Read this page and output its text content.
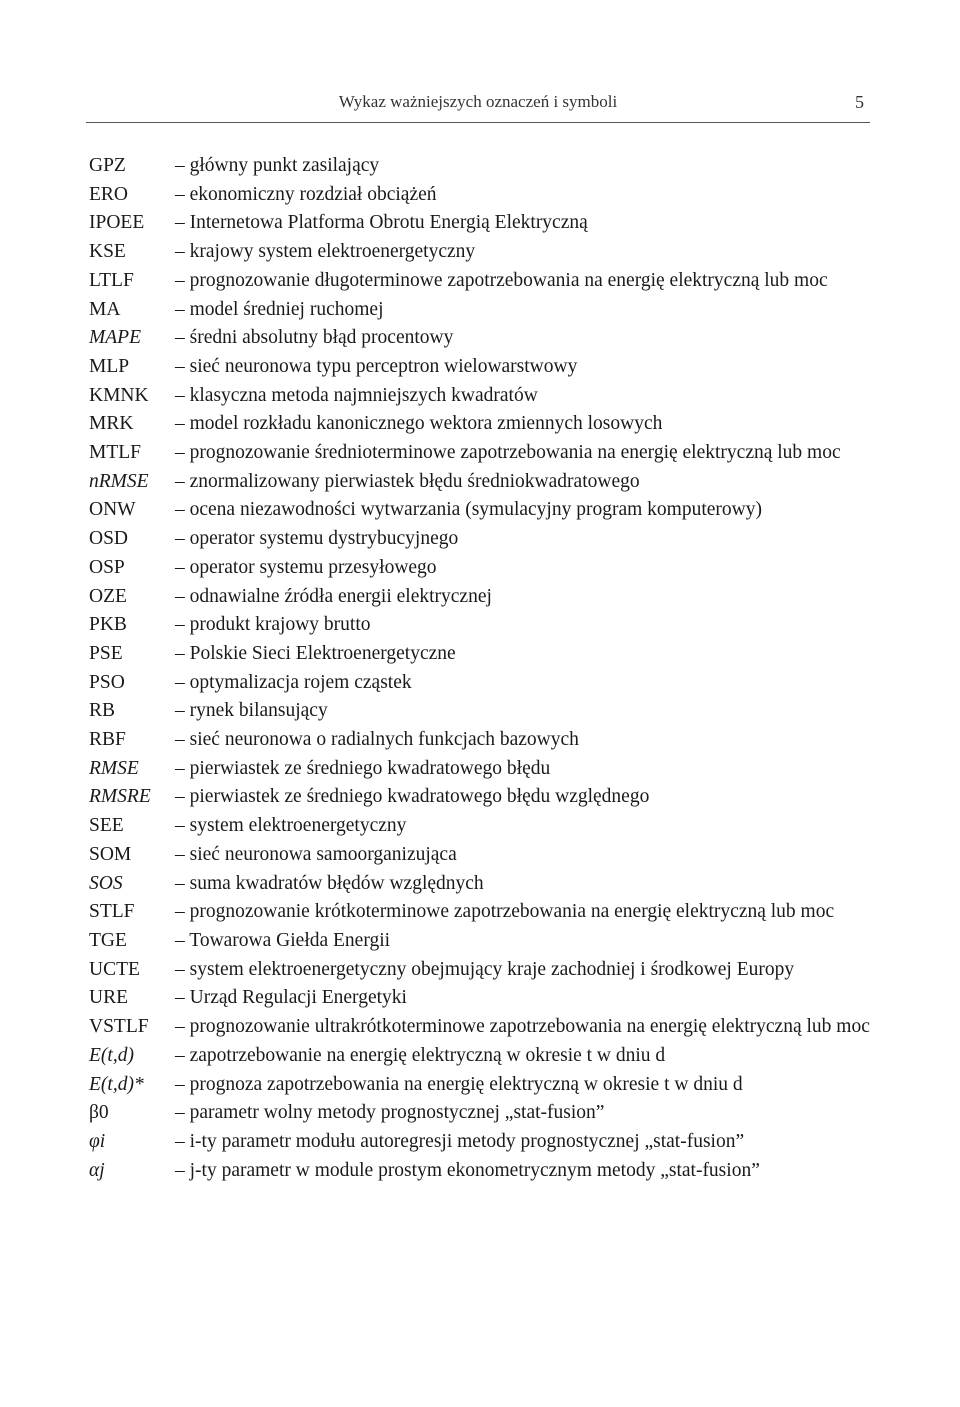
Wykaz ważniejszych oznaczeń i symboli	5
GPZ	– główny punkt zasilający
ERO	– ekonomiczny rozdział obciążeń
IPOEE	– Internetowa Platforma Obrotu Energią Elektryczną
KSE	– krajowy system elektroenergetyczny
LTLF	– prognozowanie długoterminowe zapotrzebowania na energię elektryczną lub moc
MA	– model średniej ruchomej
MAPE	– średni absolutny błąd procentowy
MLP	– sieć neuronowa typu perceptron wielowarstwowy
KMNK	– klasyczna metoda najmniejszych kwadratów
MRK	– model rozkładu kanonicznego wektora zmiennych losowych
MTLF	– prognozowanie średnioterminowe zapotrzebowania na energię elektryczną lub moc
nRMSE	– znormalizowany pierwiastek błędu średniokwadratowego
ONW	– ocena niezawodności wytwarzania (symulacyjny program komputerowy)
OSD	– operator systemu dystrybucyjnego
OSP	– operator systemu przesyłowego
OZE	– odnawialne źródła energii elektrycznej
PKB	– produkt krajowy brutto
PSE	– Polskie Sieci Elektroenergetyczne
PSO	– optymalizacja rojem cząstek
RB	– rynek bilansujący
RBF	– sieć neuronowa o radialnych funkcjach bazowych
RMSE	– pierwiastek ze średniego kwadratowego błędu
RMSRE	– pierwiastek ze średniego kwadratowego błędu względnego
SEE	– system elektroenergetyczny
SOM	– sieć neuronowa samoorganizująca
SOS	– suma kwadratów błędów względnych
STLF	– prognozowanie krótkoterminowe zapotrzebowania na energię elektryczną lub moc
TGE	– Towarowa Giełda Energii
UCTE	– system elektroenergetyczny obejmujący kraje zachodniej i środkowej Europy
URE	– Urząd Regulacji Energetyki
VSTLF	– prognozowanie ultrakrótkoterminowe zapotrzebowania na energię elektryczną lub moc
E(t,d)	– zapotrzebowanie na energię elektryczną w okresie t w dniu d
E(t,d)*	– prognoza zapotrzebowania na energię elektryczną w okresie t w dniu d
β0	– parametr wolny metody prognostycznej „stat-fusion”
φi	– i-ty parametr modułu autoregresji metody prognostycznej „stat-fusion”
αj	– j-ty parametr w module prostym ekonometrycznym metody „stat-fusion”
